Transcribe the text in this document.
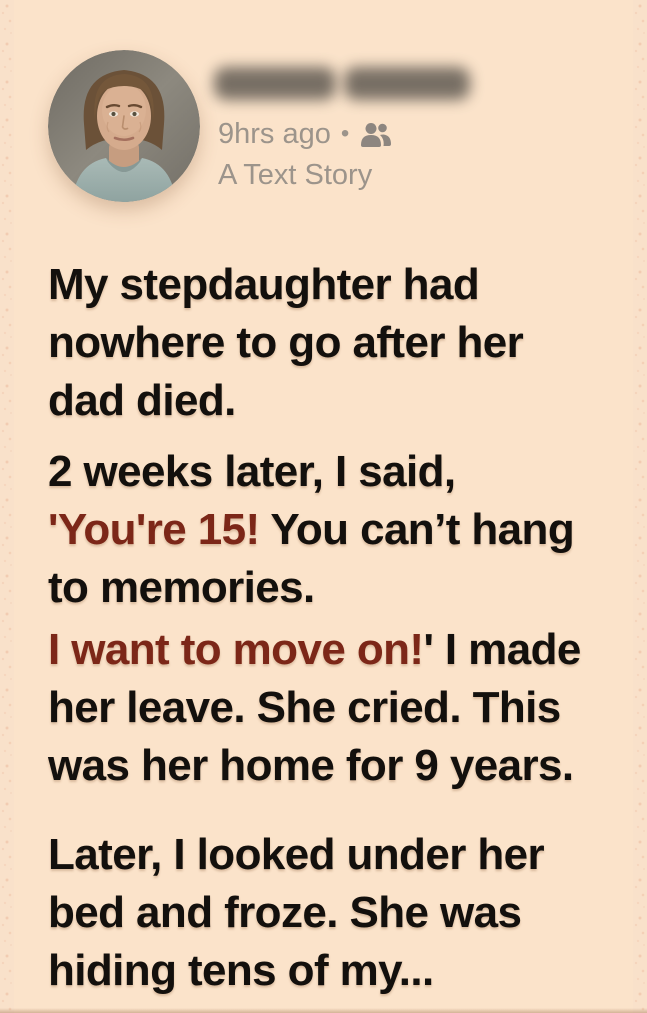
9hrs ago •
A Text Story

My stepdaughter had nowhere to go after her dad died.

2 weeks later, I said, 'You're 15! You can’t hang to memories.

I want to move on!' I made her leave. She cried. This was her home for 9 years.

Later, I looked under her bed and froze. She was hiding tens of my...
